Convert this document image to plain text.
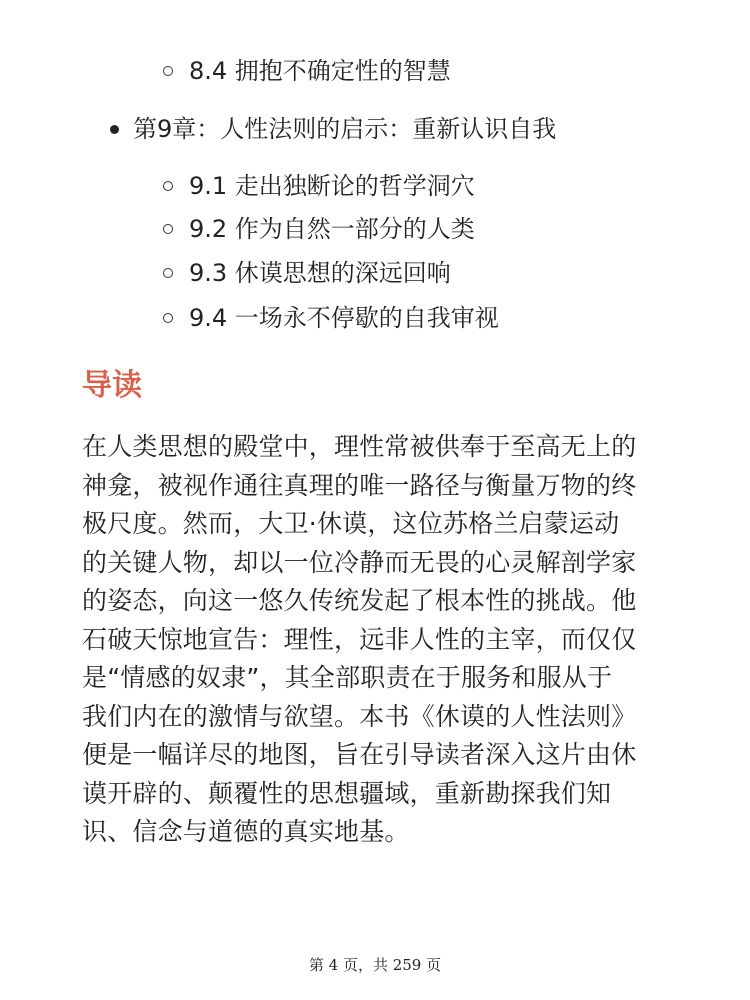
8.4 拥抱不确定性的智慧
第9章：人性法则的启示：重新认识自我
9.1 走出独断论的哲学洞穴
9.2 作为自然一部分的人类
9.3 休谟思想的深远回响
9.4 一场永不停歇的自我审视
导读
在人类思想的殿堂中，理性常被供奉于至高无上的
神龛，被视作通往真理的唯一路径与衡量万物的终
极尺度。然而，大卫·休谟，这位苏格兰启蒙运动
的关键人物，却以一位冷静而无畏的心灵解剖学家
的姿态，向这一悠久传统发起了根本性的挑战。他
石破天惊地宣告：理性，远非人性的主宰，而仅仅
是“情感的奴隶”，其全部职责在于服务和服从于
我们内在的激情与欲望。本书《休谟的人性法则》
便是一幅详尽的地图，旨在引导读者深入这片由休
谟开辟的、颠覆性的思想疆域，重新勘探我们知
识、信念与道德的真实地基。
第 4 页，共 259 页
